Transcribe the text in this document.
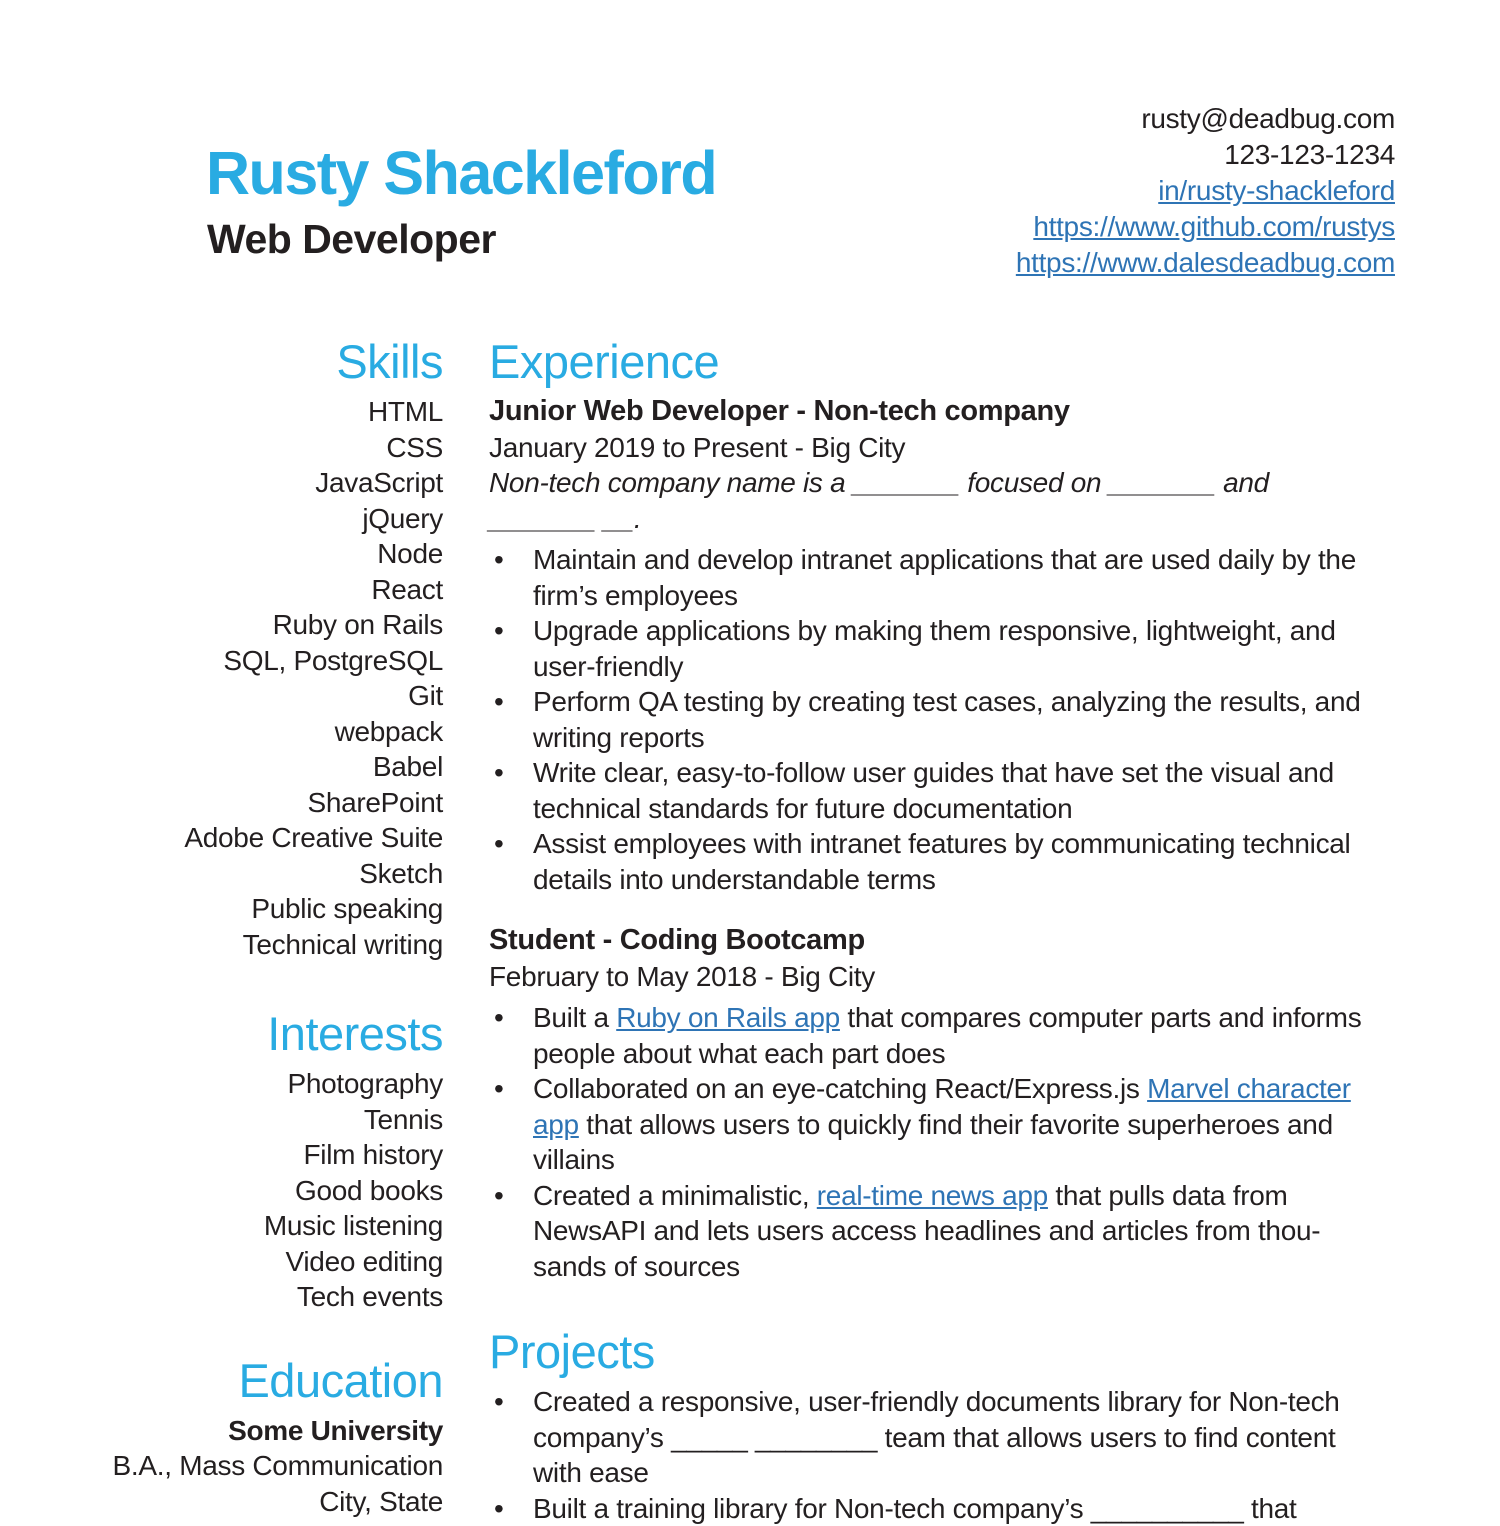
Rusty Shackleford
Web Developer
rusty@deadbug.com
123-123-1234
in/rusty-shackleford
https://www.github.com/rustys
https://www.dalesdeadbug.com
Skills
HTML
CSS
JavaScript
jQuery
Node
React
Ruby on Rails
SQL, PostgreSQL
Git
webpack
Babel
SharePoint
Adobe Creative Suite
Sketch
Public speaking
Technical writing
Interests
Photography
Tennis
Film history
Good books
Music listening
Video editing
Tech events
Education
Some University
B.A., Mass Communication
City, State
Experience
Junior Web Developer - Non-tech company
January 2019 to Present - Big City

Non-tech company name is a _______ focused on _______ and _______ __.

• Maintain and develop intranet applications that are used daily by the firm’s employees
• Upgrade applications by making them responsive, lightweight, and user-friendly
• Perform QA testing by creating test cases, analyzing the results, and writing reports
• Write clear, easy-to-follow user guides that have set the visual and technical standards for future documentation
• Assist employees with intranet features by communicating technical details into understandable terms
Student - Coding Bootcamp
February to May 2018 - Big City
• Built a Ruby on Rails app that compares computer parts and informs people about what each part does
• Collaborated on an eye-catching React/Express.js Marvel character app that allows users to quickly find their favorite superheroes and villains
• Created a minimalistic, real-time news app that pulls data from NewsAPI and lets users access headlines and articles from thousands of sources
Projects
• Created a responsive, user-friendly documents library for Non-tech company’s _____ ________ team that allows users to find content with ease
• Built a training library for Non-tech company’s __________ that
